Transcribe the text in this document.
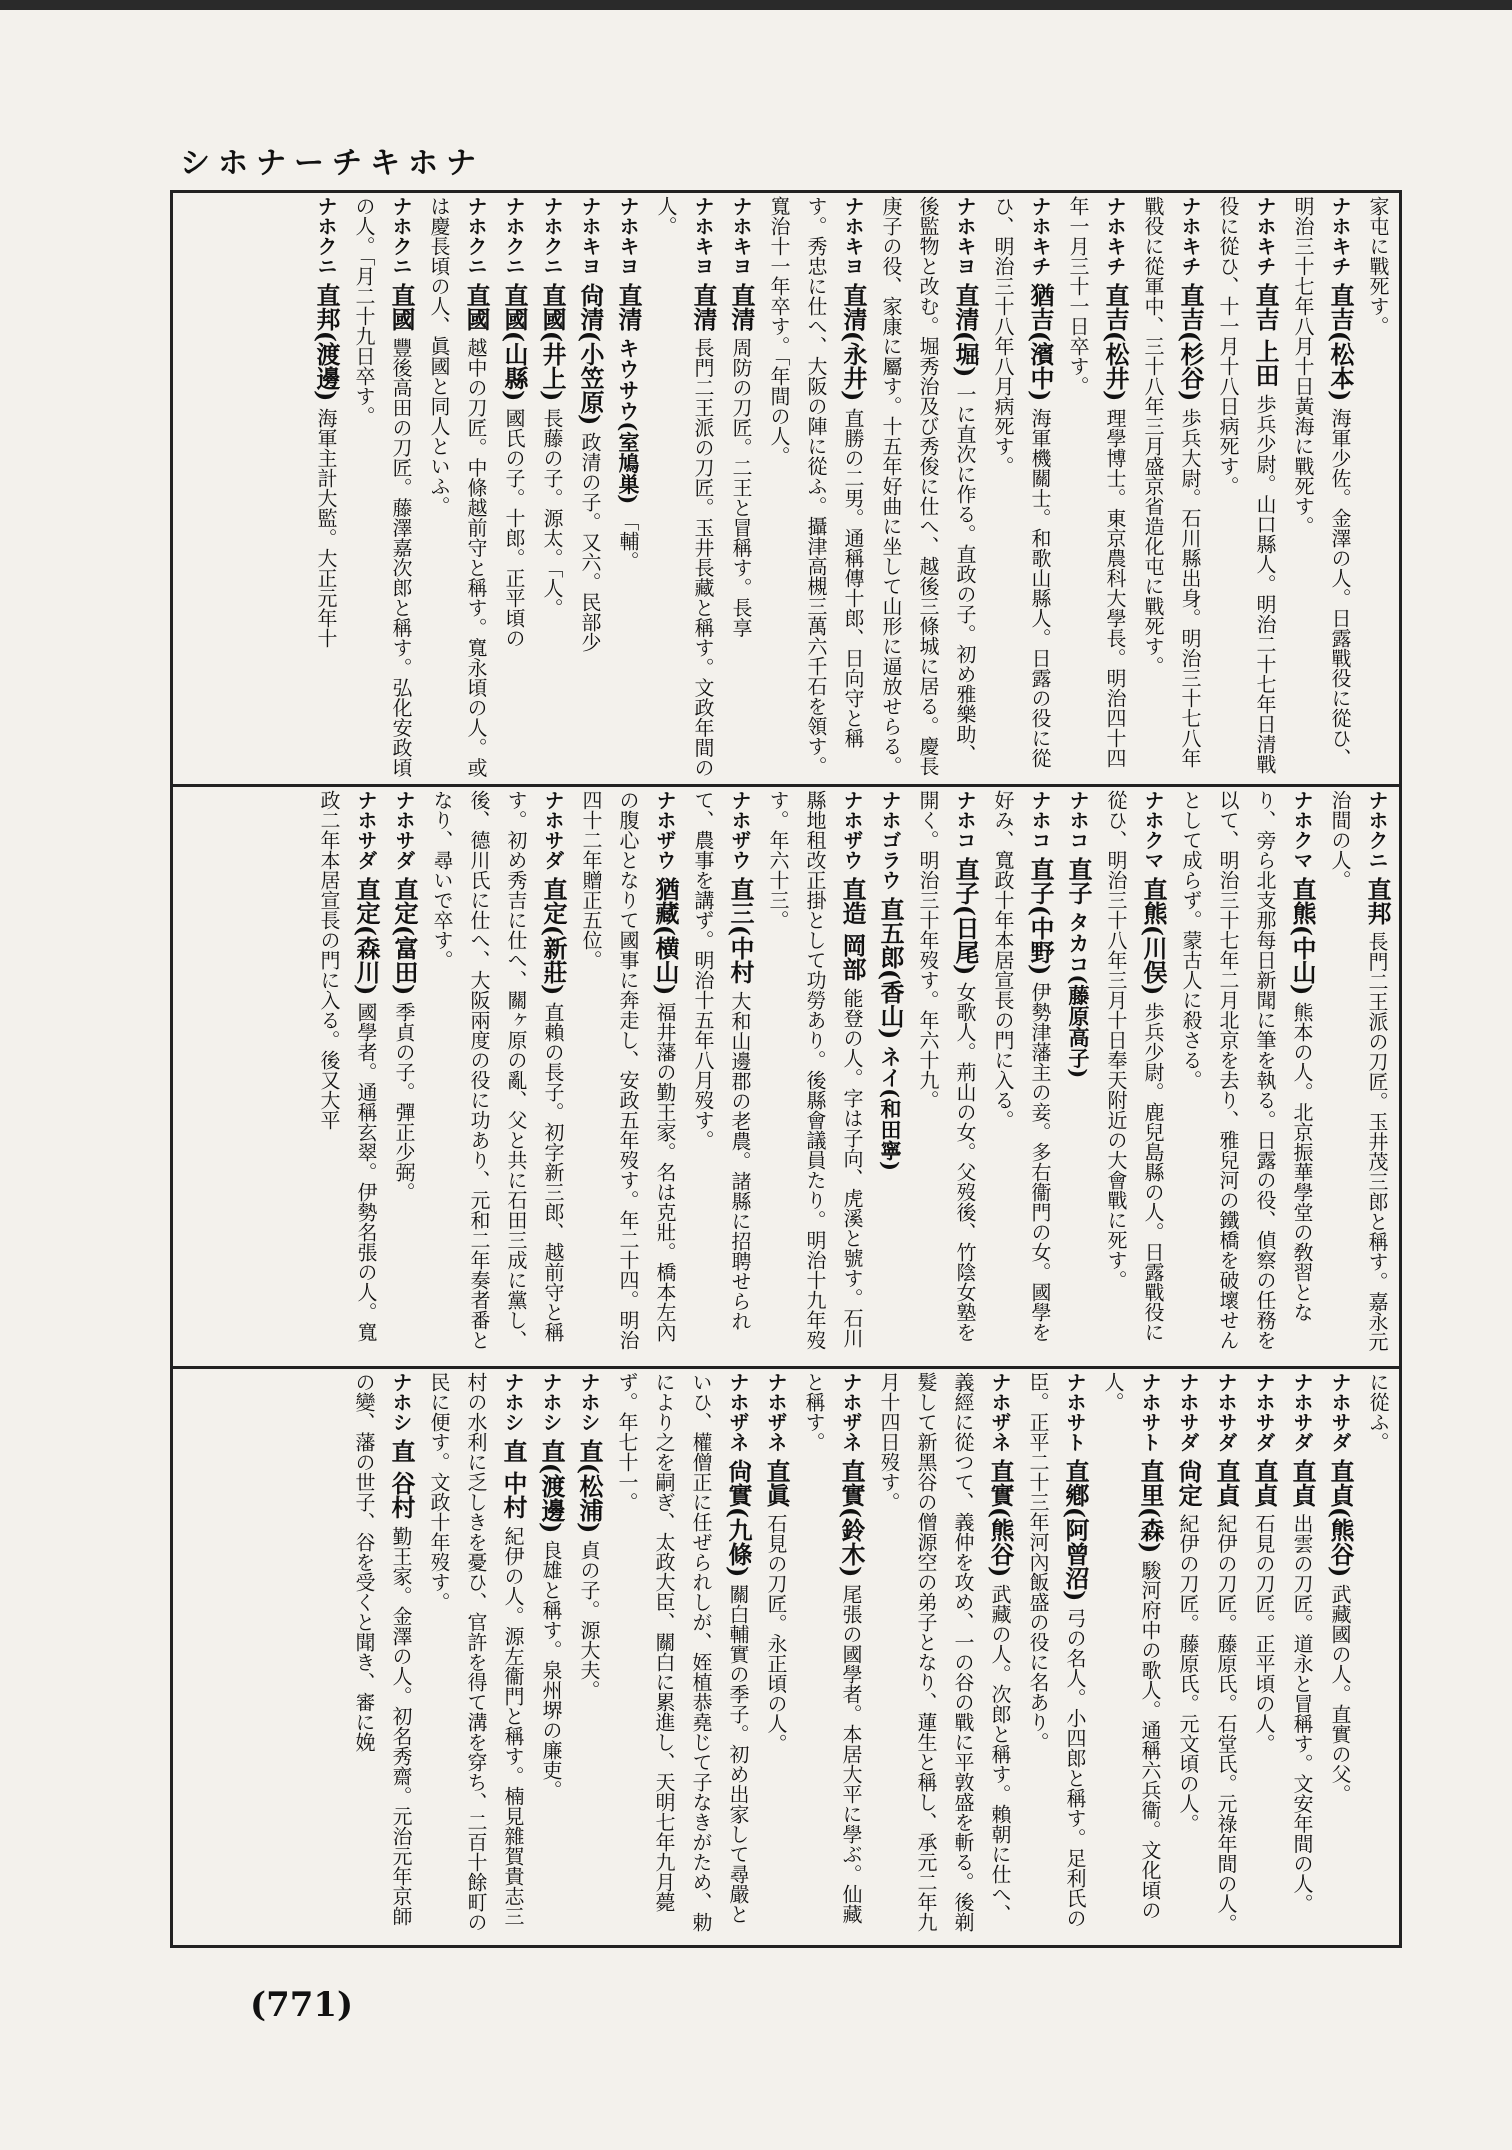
シホナーチキホナ

家屯に戰死す。

ナホキチ 直吉(松本) 海軍少佐。金澤の人。日露戰役に從ひ、明治三十七年八月十日黃海に戰死す。

ナホキチ 直吉 上田 歩兵少尉。山口縣人。明治二十七年日清戰役に從ひ、十一月十八日病死す。

ナホキチ 直吉(杉谷) 歩兵大尉。石川縣出身。明治三十七八年戰役に從軍中、三十八年三月盛京省造化屯に戰死す。

ナホキチ 直吉(松井) 理學博士。東京農科大學長。明治四十四年一月三十一日卒す。

ナホキチ 猶吉(濱中) 海軍機關士。和歌山縣人。日露の役に從ひ、明治三十八年八月病死す。

ナホキヨ 直清(堀) 一に直次に作る。直政の子。初め雅樂助、後監物と改む。堀秀治及び秀俊に仕へ、越後三條城に居る。慶長庚子の役、家康に屬す。十五年好曲に坐して山形に逼放せらる。

ナホキヨ 直清(永井) 直勝の二男。通稱傳十郎、日向守と稱す。秀忠に仕へ、大阪の陣に從ふ。攝津高槻三萬六千石を領す。寬治十一年卒す。「年間の人。

ナホキヨ 直清 周防の刀匠。二王と冒稱す。長享

ナホキヨ 直清 長門二王派の刀匠。玉井長藏と稱す。文政年間の人。

ナホキヨ 直清 キウサウ(室鳩巣) 「輔。

ナホキヨ 尙清(小笠原) 政清の子。又六。民部少

ナホクニ 直國(井上) 長藤の子。源太。「人。

ナホクニ 直國(山縣) 國氏の子。十郎。正平頃の

ナホクニ 直國 越中の刀匠。中條越前守と稱す。寬永頃の人。或は慶長頃の人、眞國と同人といふ。

ナホクニ 直國 豐後高田の刀匠。藤澤嘉次郎と稱す。弘化安政頃の人。「月二十九日卒す。

ナホクニ 直邦(渡邊) 海軍主計大監。大正元年十

ナホクニ 直邦 長門二王派の刀匠。玉井茂三郎と稱す。嘉永元治間の人。

ナホクマ 直熊(中山) 熊本の人。北京振華學堂の敎習となり、旁ら北支那每日新聞に筆を執る。日露の役、偵察の任務を以て、明治三十七年二月北京を去り、雅兒河の鐵橋を破壞せんとして成らず。蒙古人に殺さる。

ナホクマ 直熊(川俣) 歩兵少尉。鹿兒島縣の人。日露戰役に從ひ、明治三十八年三月十日奉天附近の大會戰に死す。

ナホコ 直子 タカコ(藤原高子)

ナホコ 直子(中野) 伊勢津藩主の妾。多右衞門の女。國學を好み、寬政十年本居宣長の門に入る。

ナホコ 直子(日尾) 女歌人。荊山の女。父歿後、竹陰女塾を開く。明治三十年歿す。年六十九。

ナホゴラウ 直五郎(香山) ネイ(和田寧)

ナホザウ 直造 岡部 能登の人。字は子向、虎溪と號す。石川縣地租改正掛として功勞あり。後縣會議員たり。明治十九年歿す。年六十三。

ナホザウ 直三(中村 大和山邊郡の老農。諸縣に招聘せられて、農事を講ず。明治十五年八月歿す。

ナホザウ 猶藏(横山) 福井藩の勤王家。名は克壯。橋本左內の腹心となりて國事に奔走し、安政五年歿す。年二十四。明治四十二年贈正五位。

ナホサダ 直定(新莊) 直賴の長子。初字新三郎、越前守と稱す。初め秀吉に仕へ、關ヶ原の亂、父と共に石田三成に黨し、後、德川氏に仕へ、大阪兩度の役に功あり、元和二年奏者番となり、尋いで卒す。

ナホサダ 直定(富田) 季貞の子。彈正少弼。

ナホサダ 直定(森川) 國學者。通稱玄翠。伊勢名張の人。寬政二年本居宣長の門に入る。後又大平

に從ふ。

ナホサダ 直貞(熊谷) 武藏國の人。直實の父。

ナホサダ 直貞 出雲の刀匠。道永と冒稱す。文安年間の人。

ナホサダ 直貞 石見の刀匠。正平頃の人。

ナホサダ 直貞 紀伊の刀匠。藤原氏。石堂氏。元祿年間の人。

ナホサダ 尙定 紀伊の刀匠。藤原氏。元文頃の人。

ナホサト 直里(森) 駿河府中の歌人。通稱六兵衞。文化頃の人。

ナホサト 直鄕(阿曾沼) 弓の名人。小四郎と稱す。足利氏の臣。正平二十三年河內飯盛の役に名あり。

ナホザネ 直實(熊谷) 武藏の人。次郎と稱す。賴朝に仕へ、義經に從つて、義仲を攻め、一の谷の戰に平敦盛を斬る。後剃髮して新黑谷の僧源空の弟子となり、蓮生と稱し、承元二年九月十四日歿す。

ナホザネ 直實(鈴木) 尾張の國學者。本居大平に學ぶ。仙藏と稱す。

ナホザネ 直眞 石見の刀匠。永正頃の人。

ナホザネ 尙實(九條) 關白輔實の季子。初め出家して尋嚴といひ、權僧正に任ぜられしが、姪植恭堯じて子なきがため、勅により之を嗣ぎ、太政大臣、關白に累進し、天明七年九月薨ず。年七十一。

ナホシ 直(松浦) 貞の子。源大夫。

ナホシ 直(渡邊) 良雄と稱す。泉州堺の廉吏。

ナホシ 直 中村 紀伊の人。源左衞門と稱す。楠見雜賀貴志三村の水利に乏しきを憂ひ、官許を得て溝を穿ち、二百十餘町の民に便す。文政十年歿す。

ナホシ 直 谷村 勤王家。金澤の人。初名秀齋。元治元年京師の變、藩の世子、谷を受くと聞き、審に娩

(771)
